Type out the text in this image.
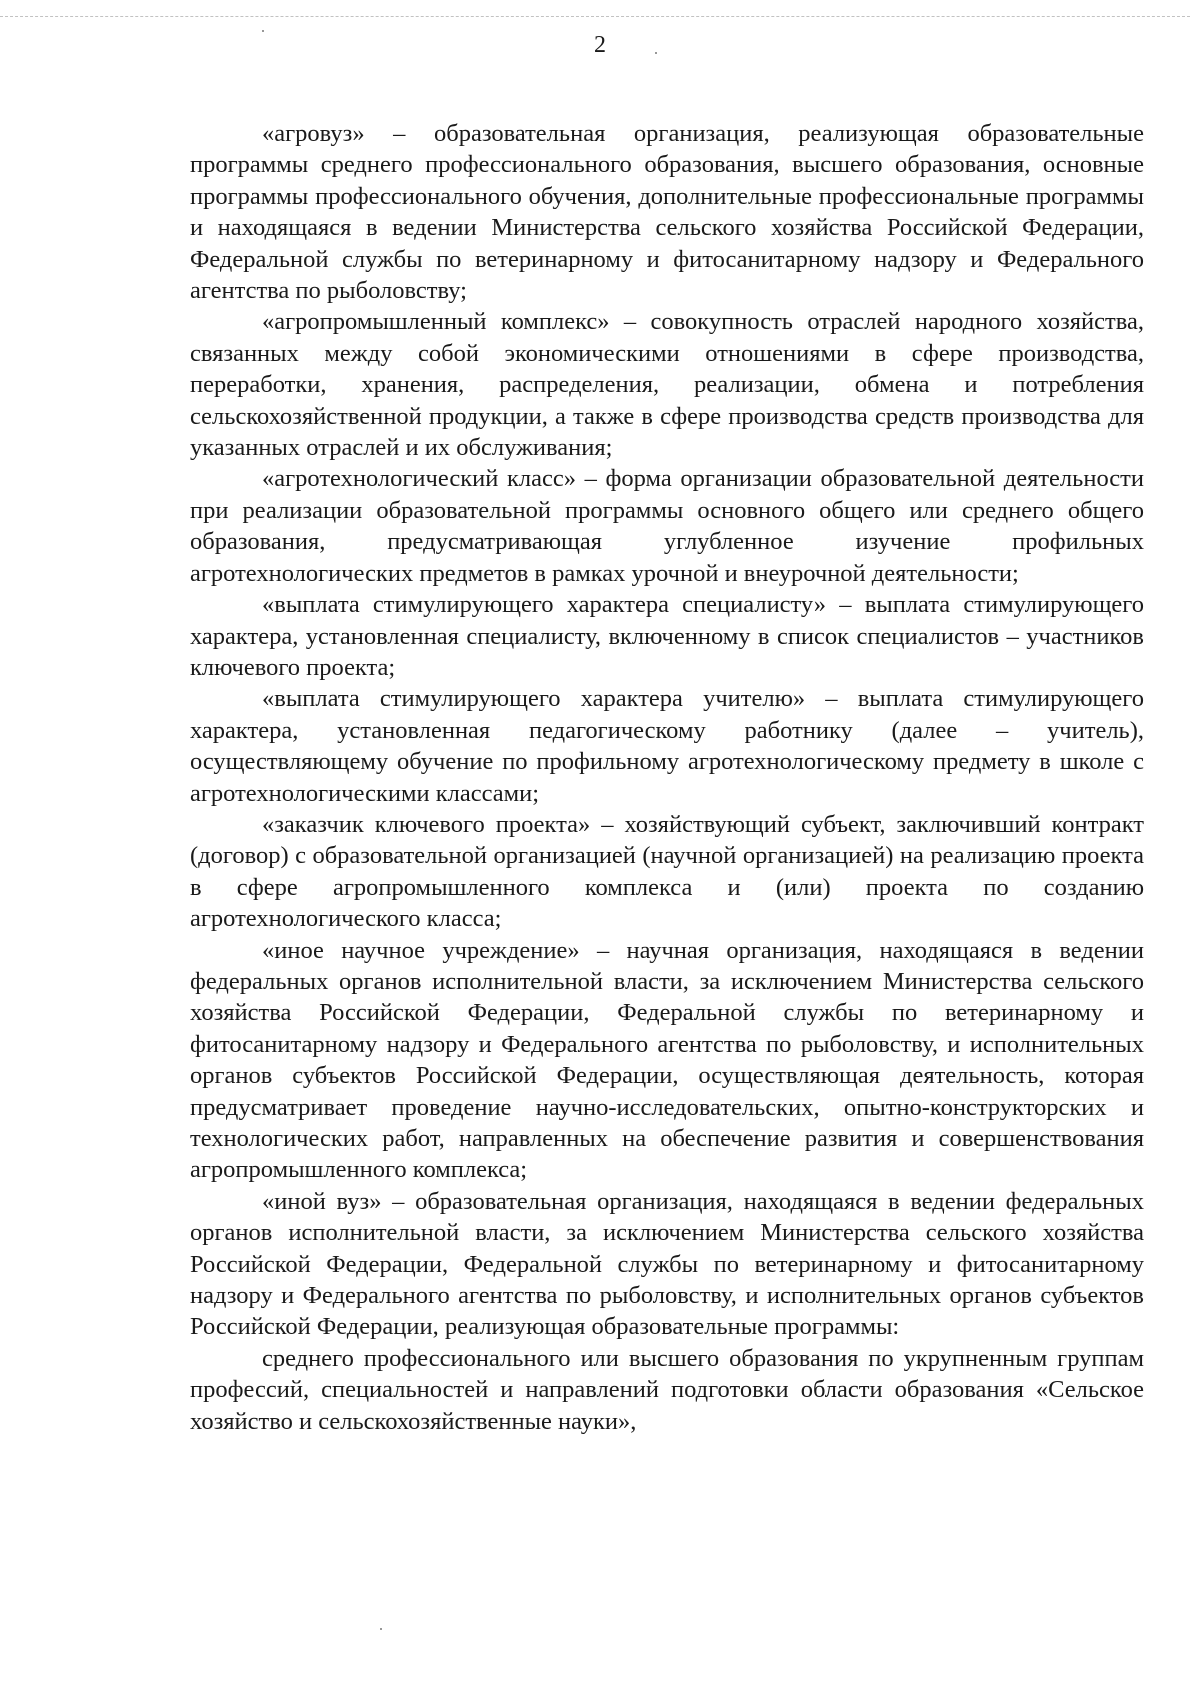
2

«агровуз» – образовательная организация, реализующая образовательные программы среднего профессионального образования, высшего образования, основные программы профессионального обучения, дополнительные профессиональные программы и находящаяся в ведении Министерства сельского хозяйства Российской Федерации, Федеральной службы по ветеринарному и фитосанитарному надзору и Федерального агентства по рыболовству;

«агропромышленный комплекс» – совокупность отраслей народного хозяйства, связанных между собой экономическими отношениями в сфере производства, переработки, хранения, распределения, реализации, обмена и потребления сельскохозяйственной продукции, а также в сфере производства средств производства для указанных отраслей и их обслуживания;

«агротехнологический класс» – форма организации образовательной деятельности при реализации образовательной программы основного общего или среднего общего образования, предусматривающая углубленное изучение профильных агротехнологических предметов в рамках урочной и внеурочной деятельности;

«выплата стимулирующего характера специалисту» – выплата стимулирующего характера, установленная специалисту, включенному в список специалистов – участников ключевого проекта;

«выплата стимулирующего характера учителю» – выплата стимулирующего характера, установленная педагогическому работнику (далее – учитель), осуществляющему обучение по профильному агротехнологическому предмету в школе с агротехнологическими классами;

«заказчик ключевого проекта» – хозяйствующий субъект, заключивший контракт (договор) с образовательной организацией (научной организацией) на реализацию проекта в сфере агропромышленного комплекса и (или) проекта по созданию агротехнологического класса;

«иное научное учреждение» – научная организация, находящаяся в ведении федеральных органов исполнительной власти, за исключением Министерства сельского хозяйства Российской Федерации, Федеральной службы по ветеринарному и фитосанитарному надзору и Федерального агентства по рыболовству, и исполнительных органов субъектов Российской Федерации, осуществляющая деятельность, которая предусматривает проведение научно-исследовательских, опытно-конструкторских и технологических работ, направленных на обеспечение развития и совершенствования агропромышленного комплекса;

«иной вуз» – образовательная организация, находящаяся в ведении федеральных органов исполнительной власти, за исключением Министерства сельского хозяйства Российской Федерации, Федеральной службы по ветеринарному и фитосанитарному надзору и Федерального агентства по рыболовству, и исполнительных органов субъектов Российской Федерации, реализующая образовательные программы:

среднего профессионального или высшего образования по укрупненным группам профессий, специальностей и направлений подготовки области образования «Сельское хозяйство и сельскохозяйственные науки»,
